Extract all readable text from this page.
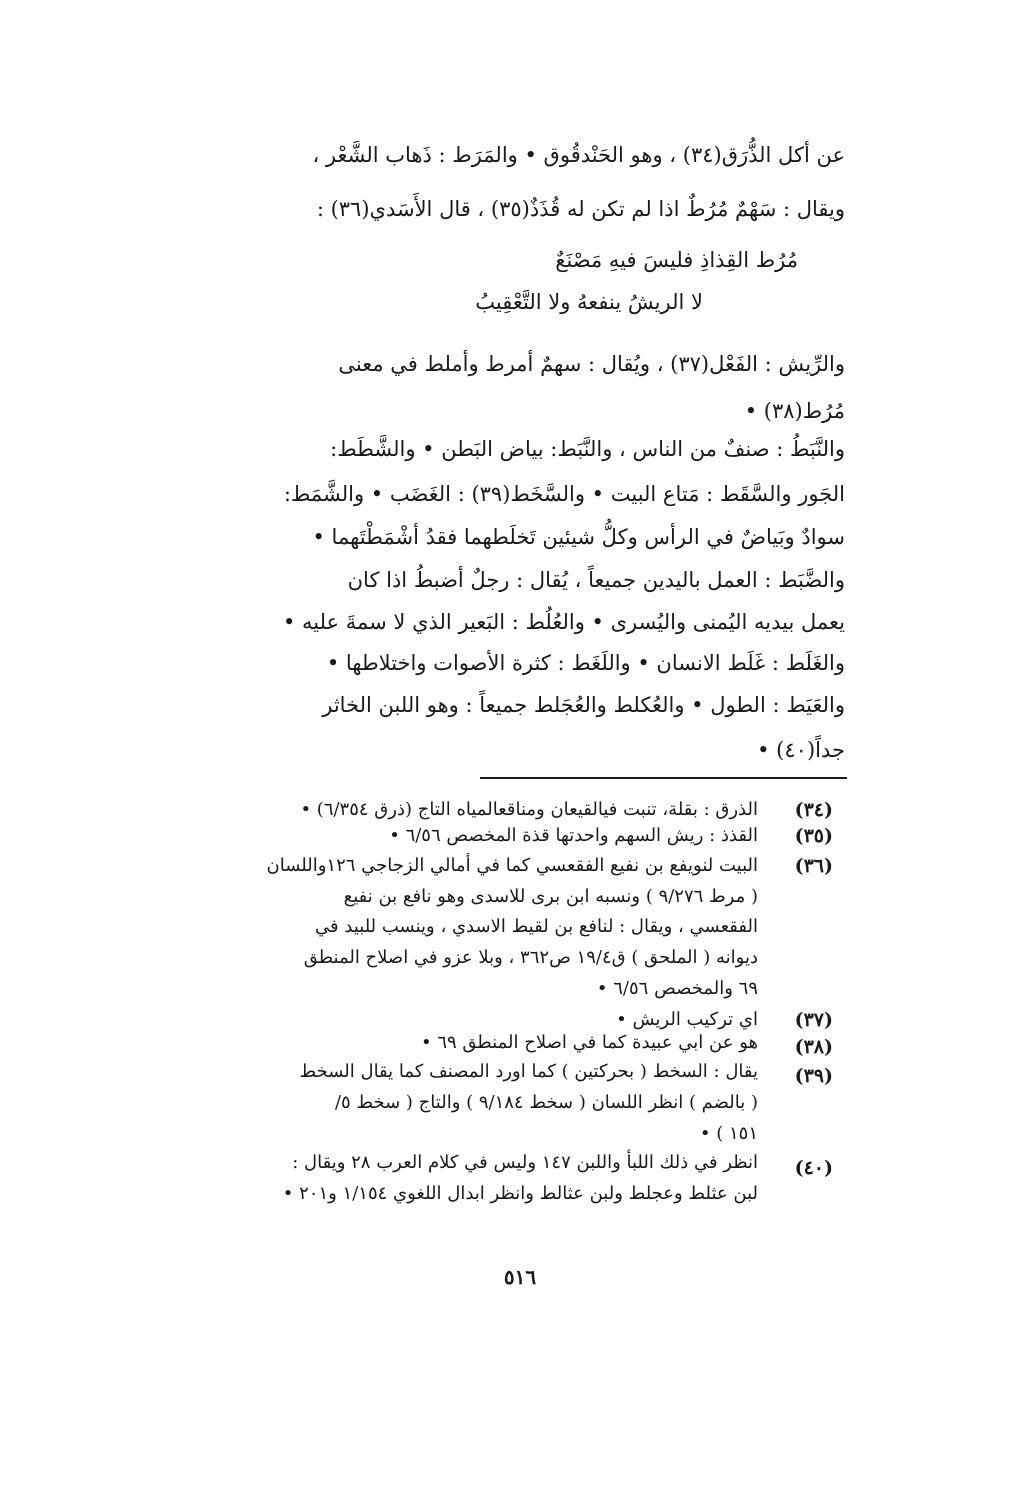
عن أكل الذُّرَق(٣٤) ، وهو الحَنْدقُوق • والمَرَط : ذَهاب الشَّعْر ،
ويقال : سَهْمٌ مُرُطٌ اذا لم تكن له قُذَذٌ(٣٥) ، قال الأَسَدي(٣٦) :
مُرُط القِذاذِ فليسَ فيهِ مَصْنَعٌ
لا الريشُ ينفعهُ ولا التَّعْقِيبُ
والرِّيش : الفَعْل(٣٧) ، ويُقال : سهمٌ أمرط وأملط في معنى
مُرُط(٣٨) •
والنَّبَطُ : صنفٌ من الناس ، والنَّبَط: بياض البَطن • والشَّطَط:
الجَور والسَّقَط : مَتاع البيت • والسَّخَط(٣٩) : الغَضَب • والشَّمَط:
سوادٌ وبَياضٌ في الرأس وكلُّ شيئين تَخلَطهما فقدُ أشْمَطْتَهما •
والضَّبَط : العمل باليدين جميعاً ، يُقال : رجلٌ أضبطُ اذا كان
يعمل بيديه اليُمنى واليُسرى • والعُلُط : البَعير الذي لا سمةَ عليه •
والغَلَط : غَلَط الانسان • واللَغَط : كثرة الأصوات واختلاطها •
والعَيَط : الطول • والعُكلط والعُجَلط جميعاً : وهو اللبن الخاثر
جداً(٤٠) •
(٣٤)
الذرق : بقلة، تنبت فيالقيعان ومناقعالمياه التاج (ذرق ٦/٣٥٤) •
(٣٥)
القذذ : ريش السهم واحدتها قذة المخصص ٦/٥٦ •
(٣٦)
البيت لنويفع بن نفيع الفقعسي كما في أمالي الزجاجي ١٢٦واللسان
( مرط ٩/٢٧٦ ) ونسبه ابن برى للاسدى وهو نافع بن نفيع
الفقعسي ، ويقال : لنافع بن لقيط الاسدي ، وينسب للبيد في
ديوانه ( الملحق ) ق١٩/٤ ص٣٦٢ ، وبلا عزو في اصلاح المنطق
٦٩ والمخصص ٦/٥٦ •
(٣٧)
اي تركيب الريش •
(٣٨)
هو عن ابي عبيدة كما في اصلاح المنطق ٦٩ •
(٣٩)
يقال : السخط ( بحركتين ) كما اورد المصنف كما يقال السخط
( بالضم ) انظر اللسان ( سخط ٩/١٨٤ ) والتاج ( سخط ٥/
١٥١ ) •
(٤٠)
انظر في ذلك اللبأ واللبن ١٤٧ وليس في كلام العرب ٢٨ ويقال :
لبن عثلط وعجلط ولبن عثالط وانظر ابدال اللغوي ١/١٥٤ و٢٠١ •
٥١٦
